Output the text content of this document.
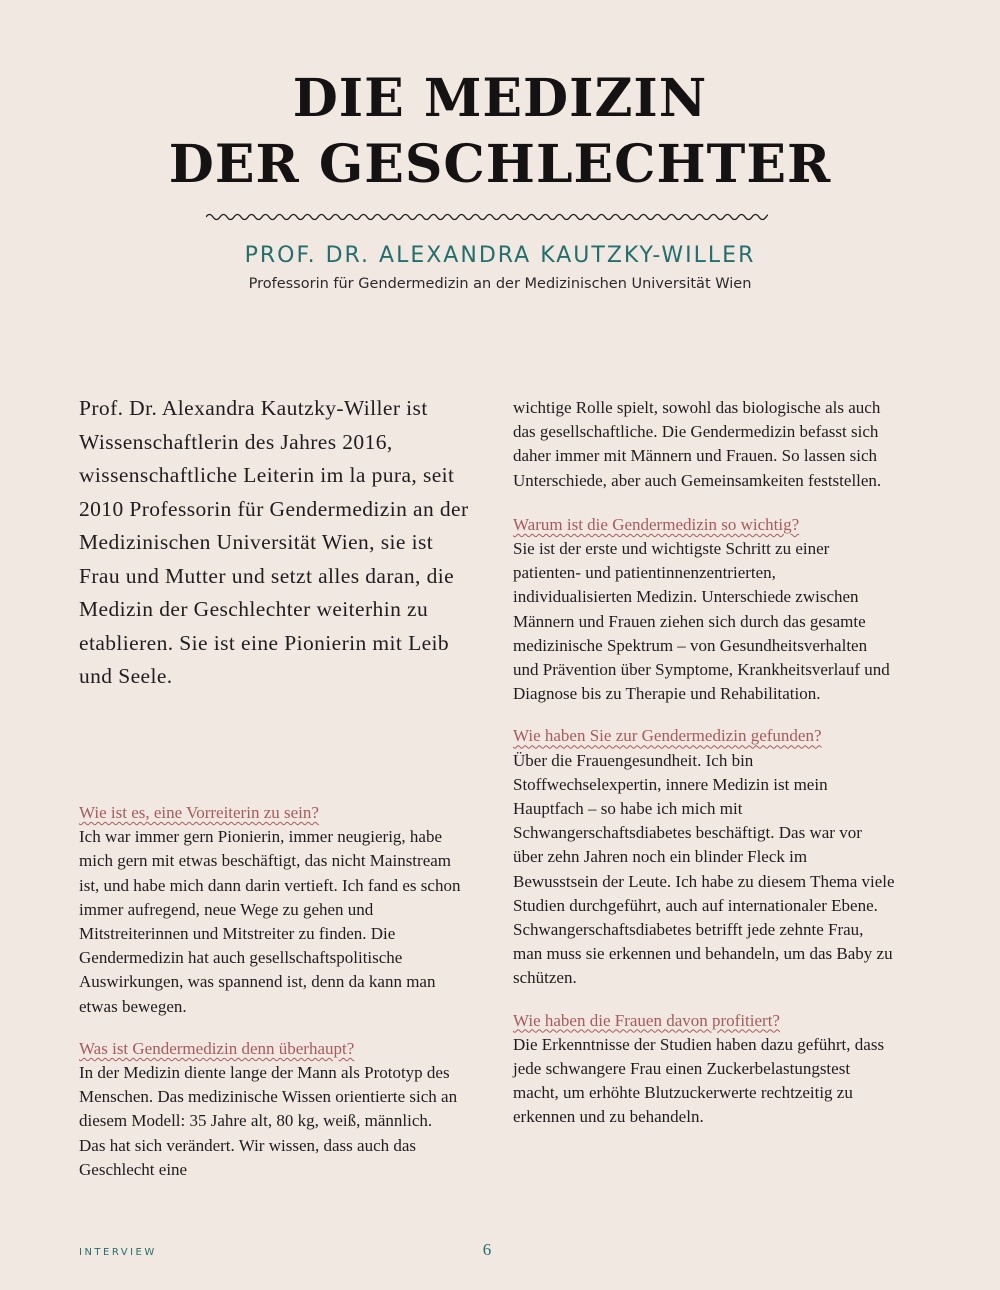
DIE MEDIZIN
DER GESCHLECHTER
PROF. DR. ALEXANDRA KAUTZKY-WILLER
Professorin für Gendermedizin an der Medizinischen Universität Wien

Prof. Dr. Alexandra Kautzky-Willer ist Wissenschaftlerin des Jahres 2016, wissenschaftliche Leiterin im la pura, seit 2010 Professorin für Gendermedizin an der Medizinischen Universität Wien, sie ist Frau und Mutter und setzt alles daran, die Medizin der Geschlechter weiterhin zu etablieren. Sie ist eine Pionierin mit Leib und Seele.

Wie ist es, eine Vorreiterin zu sein?

Ich war immer gern Pionierin, immer neugierig, habe mich gern mit etwas beschäftigt, das nicht Mainstream ist, und habe mich dann darin vertieft. Ich fand es schon immer aufregend, neue Wege zu gehen und Mitstreiterinnen und Mitstreiter zu finden. Die Gendermedizin hat auch gesellschaftspolitische Auswirkungen, was spannend ist, denn da kann man etwas bewegen.

Was ist Gendermedizin denn überhaupt?

In der Medizin diente lange der Mann als Prototyp des Menschen. Das medizinische Wissen orientierte sich an diesem Modell: 35 Jahre alt, 80 kg, weiß, männlich. Das hat sich verändert. Wir wissen, dass auch das Geschlecht eine

wichtige Rolle spielt, sowohl das biologische als auch das gesellschaftliche. Die Gendermedizin befasst sich daher immer mit Männern und Frauen. So lassen sich Unterschiede, aber auch Gemeinsamkeiten feststellen.

Warum ist die Gendermedizin so wichtig?

Sie ist der erste und wichtigste Schritt zu einer patienten- und patientinnenzentrierten, individualisierten Medizin. Unterschiede zwischen Männern und Frauen ziehen sich durch das gesamte medizinische Spektrum – von Gesundheitsverhalten und Prävention über Symptome, Krankheitsverlauf und Diagnose bis zu Therapie und Rehabilitation.

Wie haben Sie zur Gendermedizin gefunden?

Über die Frauengesundheit. Ich bin Stoffwechselexpertin, innere Medizin ist mein Hauptfach – so habe ich mich mit Schwangerschaftsdiabetes beschäftigt. Das war vor über zehn Jahren noch ein blinder Fleck im Bewusstsein der Leute. Ich habe zu diesem Thema viele Studien durchgeführt, auch auf internationaler Ebene. Schwangerschaftsdiabetes betrifft jede zehnte Frau, man muss sie erkennen und behandeln, um das Baby zu schützen.

Wie haben die Frauen davon profitiert?

Die Erkenntnisse der Studien haben dazu geführt, dass jede schwangere Frau einen Zuckerbelastungstest macht, um erhöhte Blutzuckerwerte rechtzeitig zu erkennen und zu behandeln.

INTERVIEW	6
